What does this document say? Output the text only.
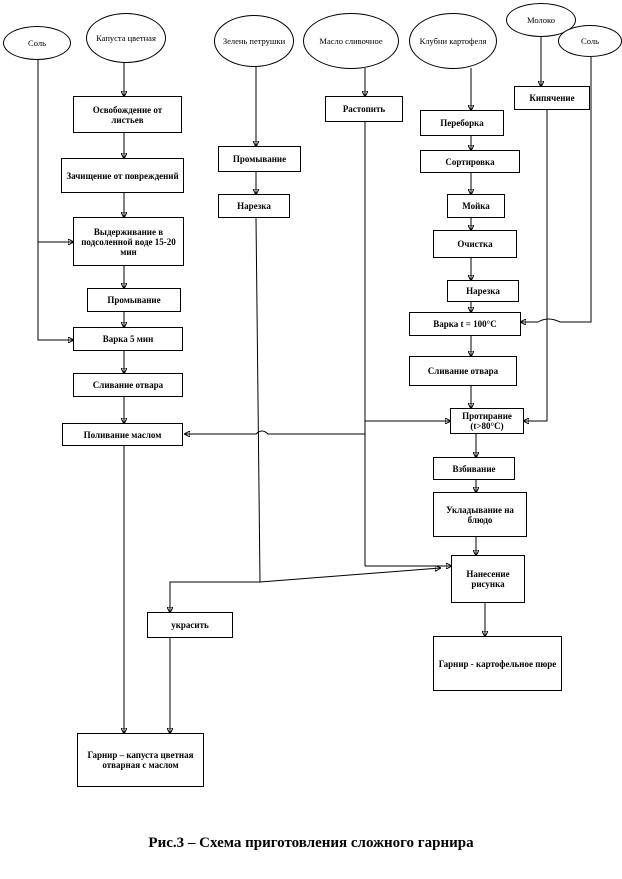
Соль	Капуста цветная	Зелень петрушки	Масло сливочное	Клубни картофеля
Молоко
Соль
Освобождение от листьев
Зачищение от повреждений
Выдерживание в подсоленной воде 15-20 мин
Промывание
Варка 5 мин
Сливание отвара
Поливание маслом
Промывание
Нарезка
украсить
Растопить
Кипячение
Переборка
Сортировка
Мойка
Очистка
Нарезка
Варка t = 100°С
Сливание отвара
Протирание (t>80°С)
Взбивание
Укладывание на блюдо
Нанесение рисунка
Гарнир – капуста цветная отварная с маслом
Гарнир - картофельное пюре
Рис.3 – Схема приготовления сложного гарнира
